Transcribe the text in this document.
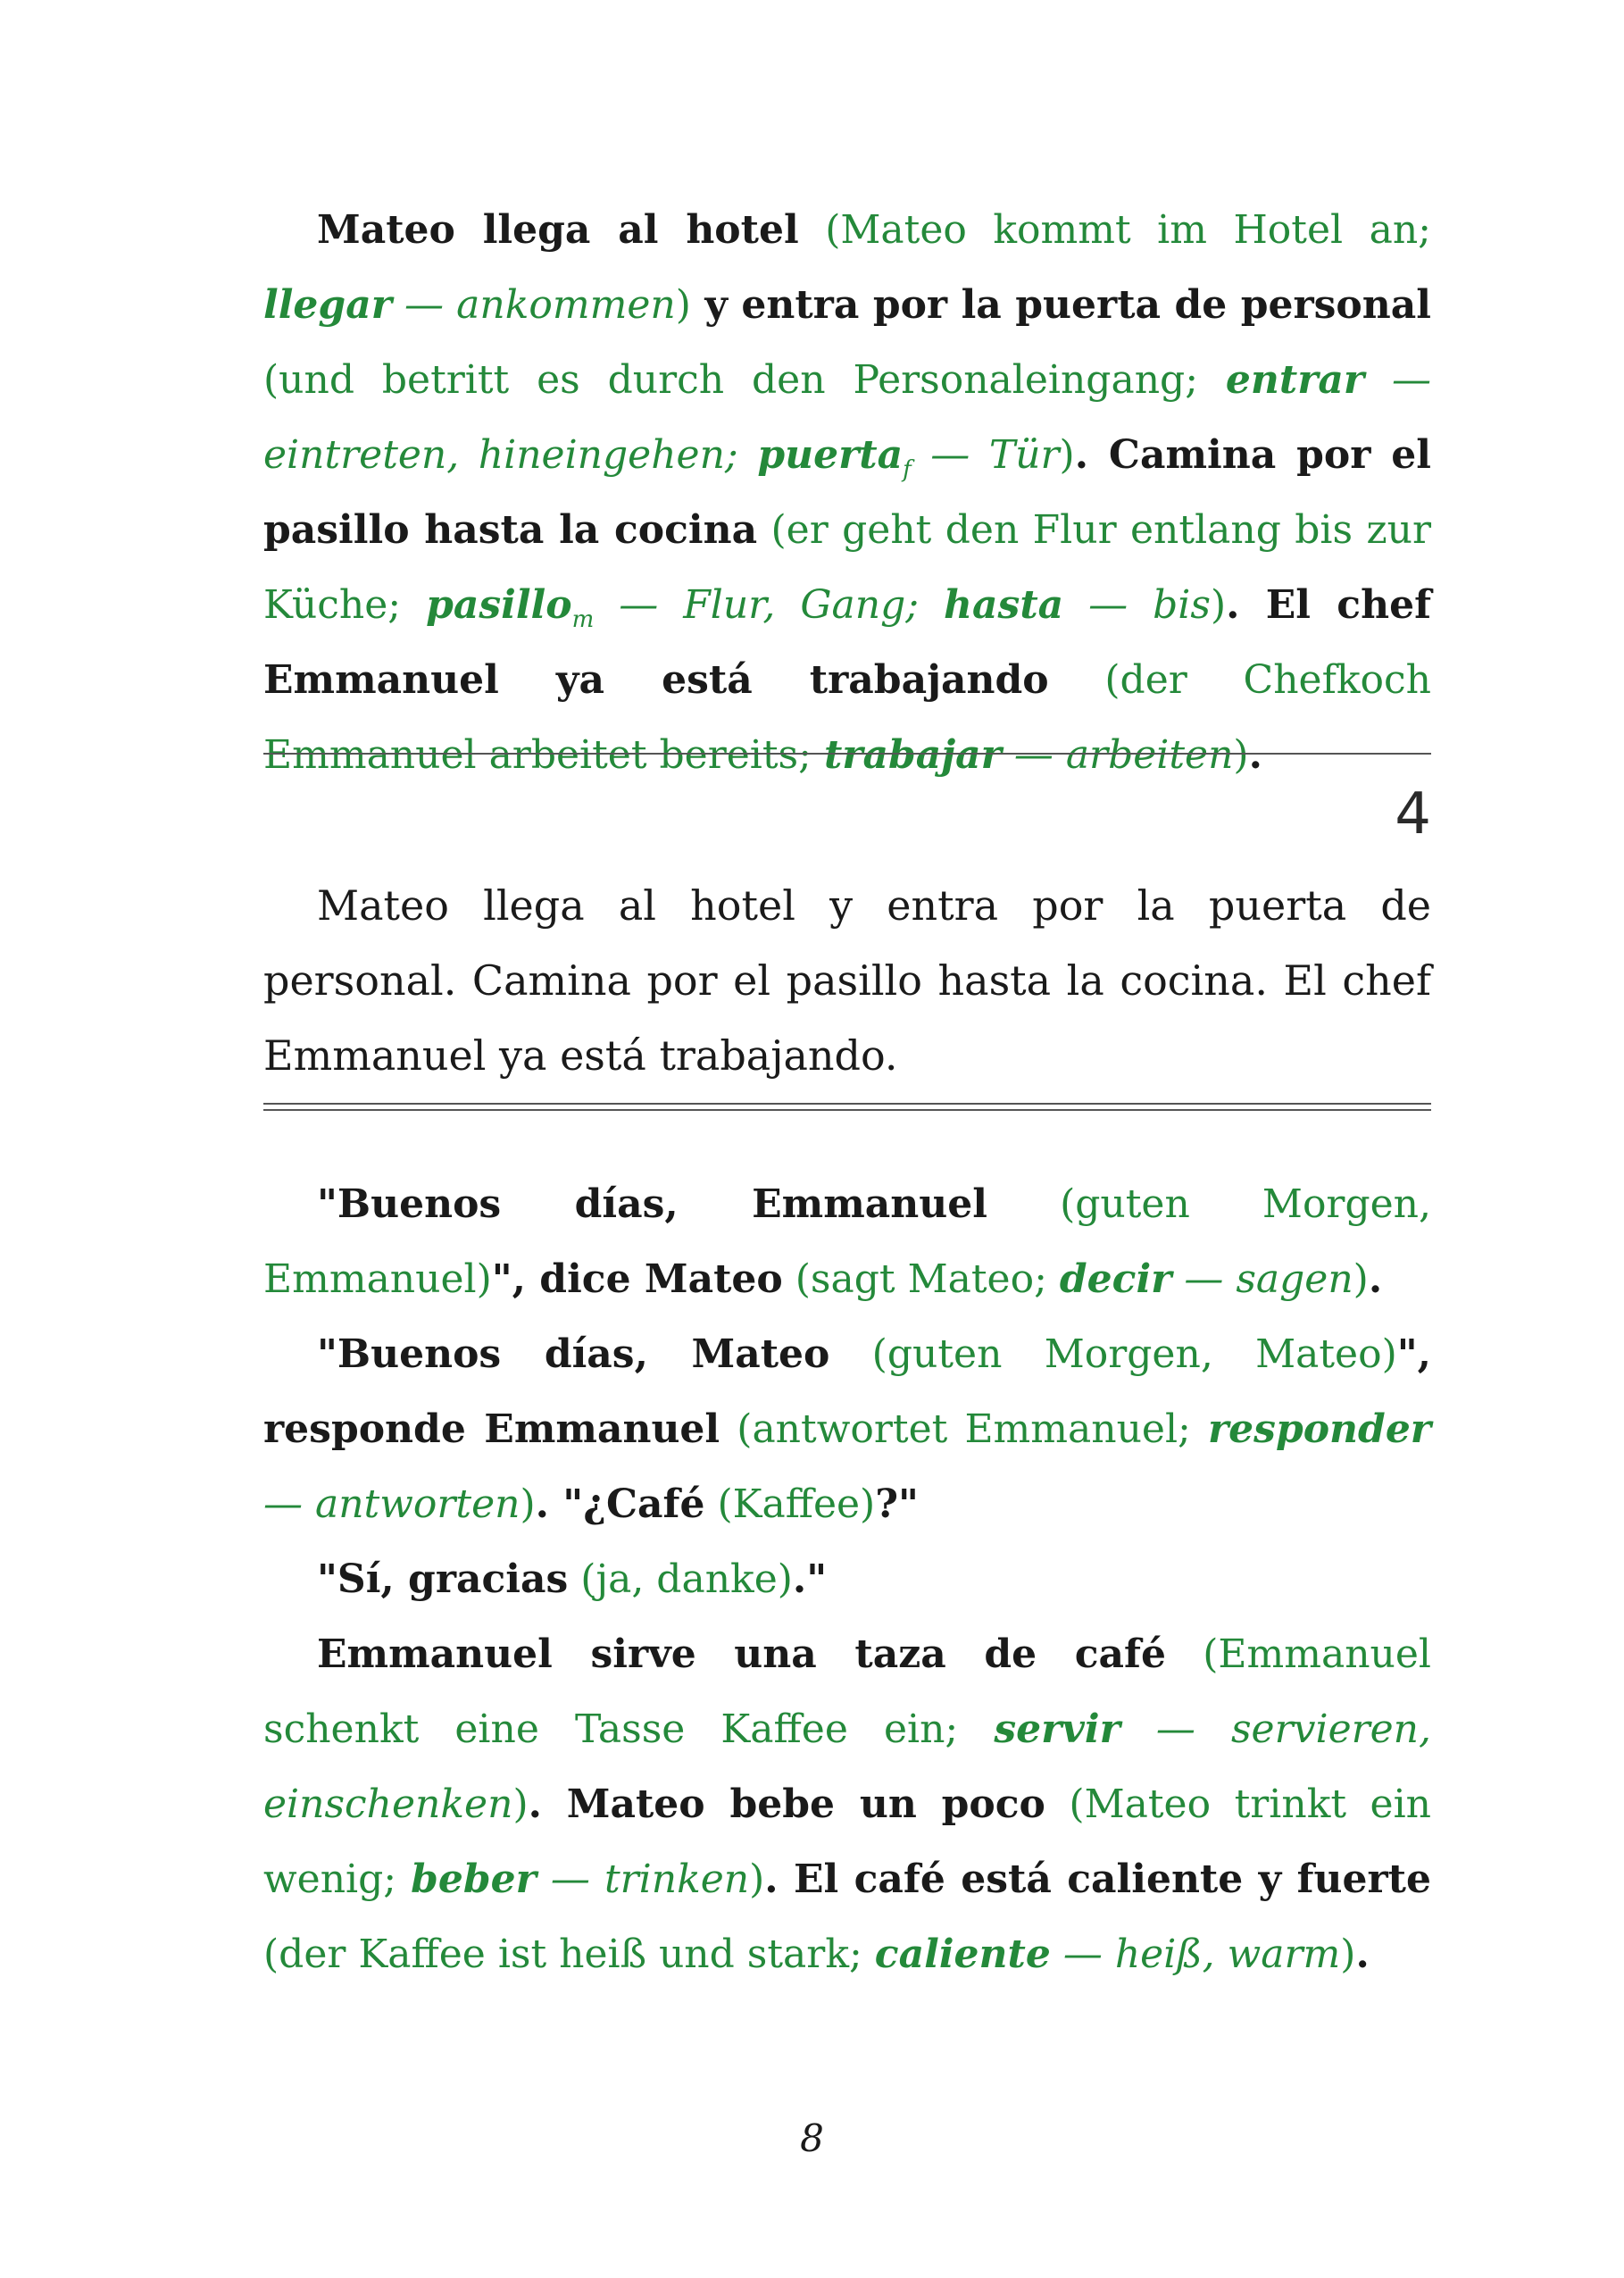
Mateo llega al hotel (Mateo kommt im Hotel an; llegar — ankommen) y entra por la puerta de personal (und betritt es durch den Personaleingang; entrar — eintreten, hineingehen; puerta$_f$ — Tür). Camina por el pasillo hasta la cocina (er geht den Flur entlang bis zur Küche; pasillo$_m$ — Flur, Gang; hasta — bis). El chef Emmanuel ya está trabajando (der Chefkoch Emmanuel arbeitet bereits; trabajar — arbeiten).

4

Mateo llega al hotel y entra por la puerta de personal. Camina por el pasillo hasta la cocina. El chef Emmanuel ya está trabajando.

"Buenos días, Emmanuel (guten Morgen, Emmanuel)", dice Mateo (sagt Mateo; decir — sagen).

"Buenos días, Mateo (guten Morgen, Mateo)", responde Emmanuel (antwortet Emmanuel; responder — antworten). "¿Café (Kaffee)?"

"Sí, gracias (ja, danke)."

Emmanuel sirve una taza de café (Emmanuel schenkt eine Tasse Kaffee ein; servir — servieren, einschenken). Mateo bebe un poco (Mateo trinkt ein wenig; beber — trinken). El café está caliente y fuerte (der Kaffee ist heiß und stark; caliente — heiß, warm).

8
